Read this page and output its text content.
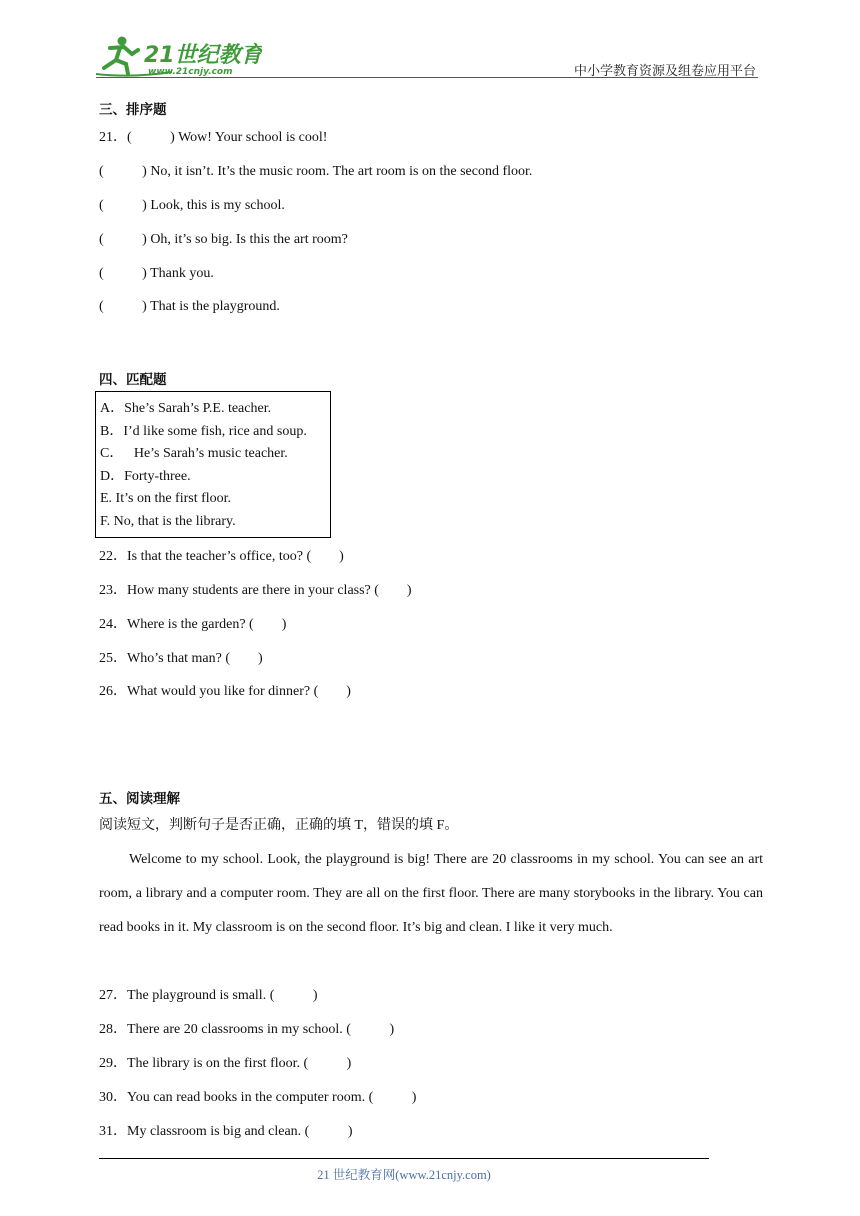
21世纪教育
www.21cnjy.com	中小学教育资源及组卷应用平台
三、排序题
21．(           ) Wow! Your school is cool!
(           ) No, it isn’t. It’s the music room. The art room is on the second floor.
(           ) Look, this is my school.
(           ) Oh, it’s so big. Is this the art room?
(           ) Thank you.
(           ) That is the playground.
四、匹配题
A．She’s Sarah’s P.E. teacher.
B．I’d like some fish, rice and soup.
C．   He’s Sarah’s music teacher.
D．Forty-three.
E. It’s on the first floor.
F. No, that is the library.
22．Is that the teacher’s office, too? (        )
23．How many students are there in your class? (        )
24．Where is the garden? (        )
25．Who’s that man? (        )
26．What would you like for dinner? (        )
五、阅读理解
阅读短文，判断句子是否正确，正确的填 T，错误的填 F。
Welcome to my school. Look, the playground is big! There are 20 classrooms in my school. You can see an art room, a library and a computer room. They are all on the first floor. There are many storybooks in the library. You can read books in it. My classroom is on the second floor. It’s big and clean. I like it very much.
27．The playground is small. (           )
28．There are 20 classrooms in my school. (           )
29．The library is on the first floor. (           )
30．You can read books in the computer room. (           )
31．My classroom is big and clean. (           )
21 世纪教育网(www.21cnjy.com)
